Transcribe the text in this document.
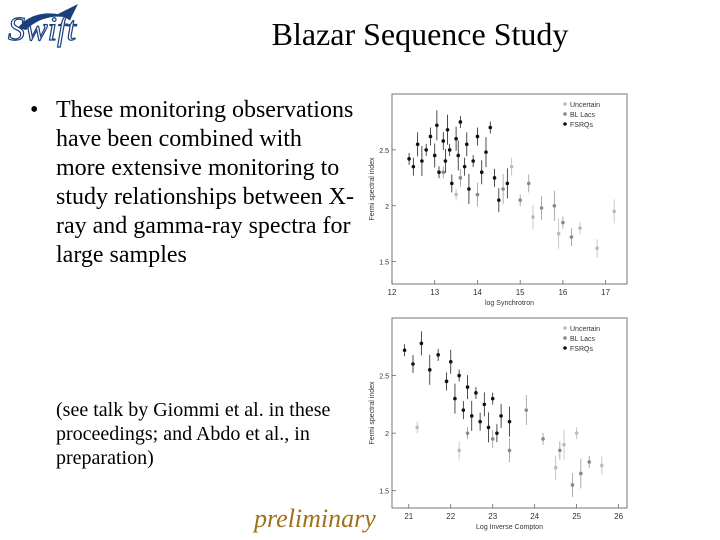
Swift	Blazar Sequence Study
• These monitoring observations have been combined with more extensive monitoring to study relationships between X-ray and gamma-ray spectra for large samples
(see talk by Giommi et al. in these proceedings; and Abdo et al., in preparation)
12	13	14	15	16	17
1.5
2
2.5
log Synchrotron
Fermi spectral index
Uncertain
BL Lacs
FSRQs
21	22	23	24	25	26
1.5
2
2.5
Log Inverse Compton
Fermi spectral index
Uncertain
BL Lacs
FSRQs
preliminary
